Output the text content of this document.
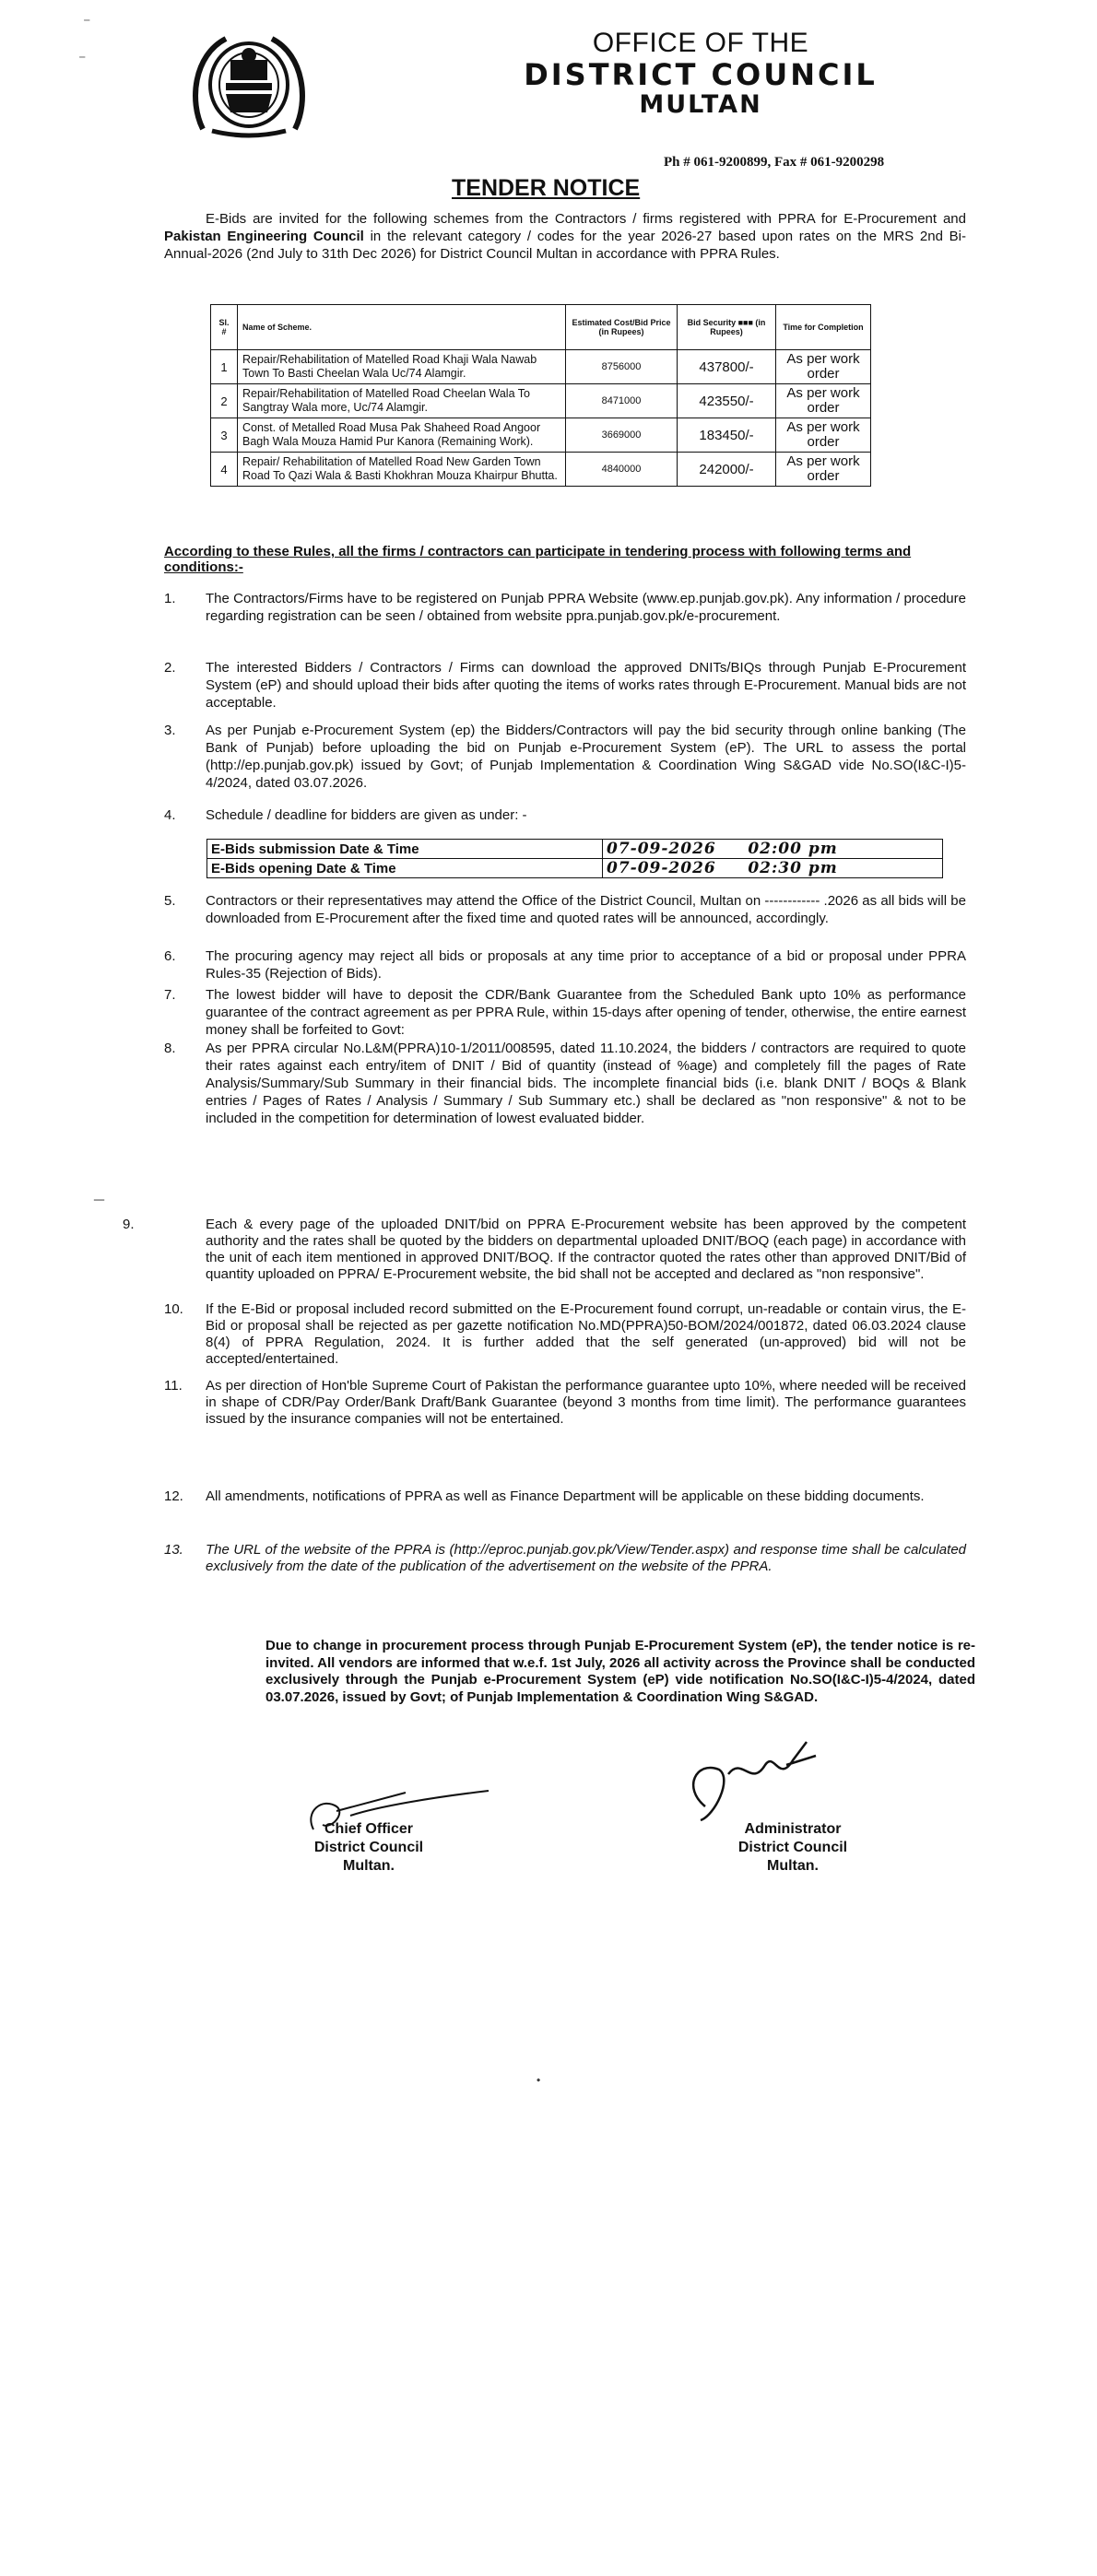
OFFICE OF THE
DISTRICT COUNCIL
MULTAN
Ph # 061-9200899, Fax # 061-9200298
TENDER NOTICE
E-Bids are invited for the following schemes from the Contractors / firms registered with PPRA for E-Procurement and Pakistan Engineering Council in the relevant category / codes for the year 2026-27 based upon rates on the MRS 2nd Bi-Annual-2026 (2nd July to 31th Dec 2026) for District Council Multan in accordance with PPRA Rules.
Sl. #	Name of Scheme.	Estimated Cost/Bid Price (in Rupees)	Bid Security ■■■ (in Rupees)	Time for Completion
1	Repair/Rehabilitation of Matelled Road Khaji Wala Nawab Town To Basti Cheelan Wala Uc/74 Alamgir.	8756000	437800/-	As per work order
2	Repair/Rehabilitation of Matelled Road Cheelan Wala To Sangtray Wala more, Uc/74 Alamgir.	8471000	423550/-	As per work order
3	Const. of Metalled Road Musa Pak Shaheed Road Angoor Bagh Wala Mouza Hamid Pur Kanora (Remaining Work).	3669000	183450/-	As per work order
4	Repair/ Rehabilitation of Matelled Road New Garden Town Road To Qazi Wala & Basti Khokhran Mouza Khairpur Bhutta.	4840000	242000/-	As per work order
According to these Rules, all the firms / contractors can participate in tendering process with following terms and conditions:-
1.	The Contractors/Firms have to be registered on Punjab PPRA Website (www.ep.punjab.gov.pk). Any information / procedure regarding registration can be seen / obtained from website ppra.punjab.gov.pk/e-procurement.
2.	The interested Bidders / Contractors / Firms can download the approved DNITs/BIQs through Punjab E-Procurement System (eP) and should upload their bids after quoting the items of works rates through E-Procurement. Manual bids are not acceptable.
3.	As per Punjab e-Procurement System (ep) the Bidders/Contractors will pay the bid security through online banking (The Bank of Punjab) before uploading the bid on Punjab e-Procurement System (eP). The URL to assess the portal (http://ep.punjab.gov.pk) issued by Govt; of Punjab Implementation & Coordination Wing S&GAD vide No.SO(I&C-I)5-4/2024, dated 03.07.2026.
4.	Schedule / deadline for bidders are given as under: -
E-Bids submission Date & Time	07-09-2026 02:00 pm
E-Bids opening Date & Time	07-09-2026 02:30 pm
5.	Contractors or their representatives may attend the Office of the District Council, Multan on ------------ .2026 as all bids will be downloaded from E-Procurement after the fixed time and quoted rates will be announced, accordingly.
6.	The procuring agency may reject all bids or proposals at any time prior to acceptance of a bid or proposal under PPRA Rules-35 (Rejection of Bids).
7.	The lowest bidder will have to deposit the CDR/Bank Guarantee from the Scheduled Bank upto 10% as performance guarantee of the contract agreement as per PPRA Rule, within 15-days after opening of tender, otherwise, the entire earnest money shall be forfeited to Govt:
8.	As per PPRA circular No.L&M(PPRA)10-1/2011/008595, dated 11.10.2024, the bidders / contractors are required to quote their rates against each entry/item of DNIT / Bid of quantity (instead of %age) and completely fill the pages of Rate Analysis/Summary/Sub Summary in their financial bids. The incomplete financial bids (i.e. blank DNIT / BOQs & Blank entries / Pages of Rates / Analysis / Summary / Sub Summary etc.) shall be declared as "non responsive" & not to be included in the competition for determination of lowest evaluated bidder.
¯
9.	Each & every page of the uploaded DNIT/bid on PPRA E-Procurement website has been approved by the competent authority and the rates shall be quoted by the bidders on departmental uploaded DNIT/BOQ (each page) in accordance with the unit of each item mentioned in approved DNIT/BOQ. If the contractor quoted the rates other than approved DNIT/Bid of quantity uploaded on PPRA/ E-Procurement website, the bid shall not be accepted and declared as "non responsive".
10.	If the E-Bid or proposal included record submitted on the E-Procurement found corrupt, un-readable or contain virus, the E-Bid or proposal shall be rejected as per gazette notification No.MD(PPRA)50-BOM/2024/001872, dated 06.03.2024 clause 8(4) of PPRA Regulation, 2024. It is further added that the self generated (un-approved) bid will not be accepted/entertained.
11.	As per direction of Hon'ble Supreme Court of Pakistan the performance guarantee upto 10%, where needed will be received in shape of CDR/Pay Order/Bank Draft/Bank Guarantee (beyond 3 months from time limit). The performance guarantees issued by the insurance companies will not be entertained.
12.	All amendments, notifications of PPRA as well as Finance Department will be applicable on these bidding documents.
13.	The URL of the website of the PPRA is (http://eproc.punjab.gov.pk/View/Tender.aspx) and response time shall be calculated exclusively from the date of the publication of the advertisement on the website of the PPRA.
Due to change in procurement process through Punjab E-Procurement System (eP), the tender notice is re-invited. All vendors are informed that w.e.f. 1st July, 2026 all activity across the Province shall be conducted exclusively through the Punjab e-Procurement System (eP) vide notification No.SO(I&C-I)5-4/2024, dated 03.07.2026, issued by Govt; of Punjab Implementation & Coordination Wing S&GAD.
Chief Officer
District Council
Multan.
Administrator
District Council
Multan.
⁻
⁻
•
